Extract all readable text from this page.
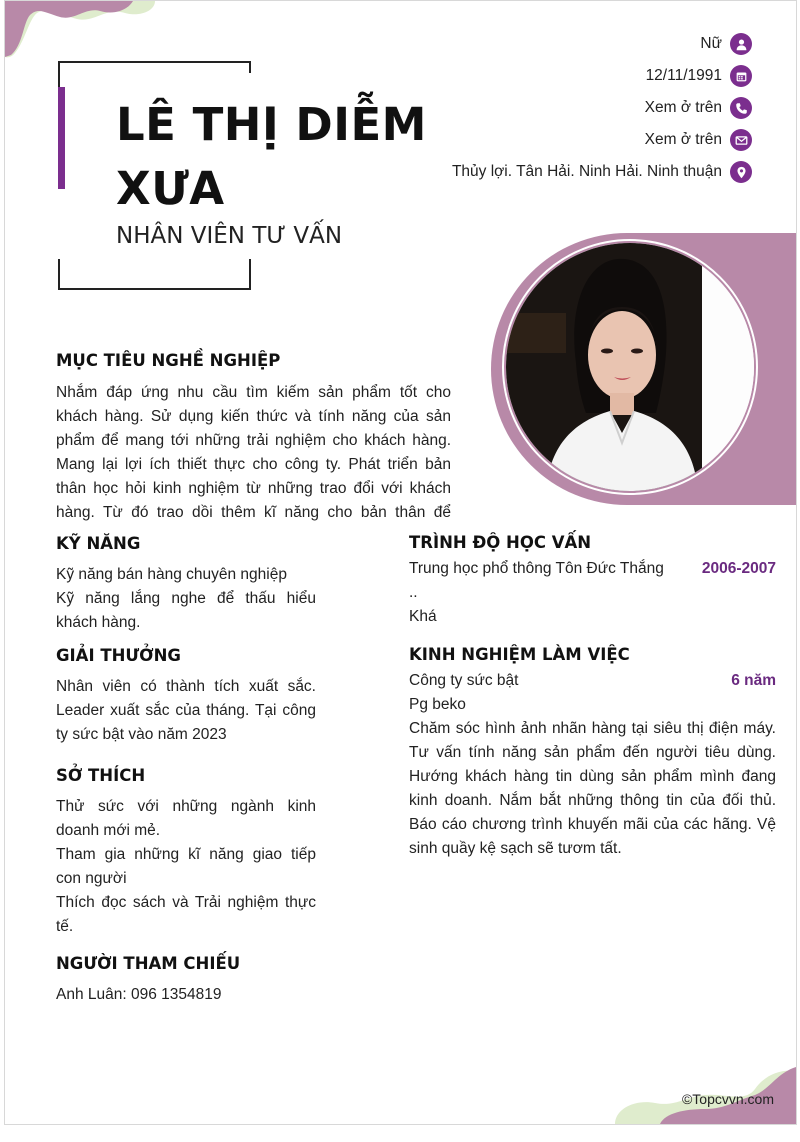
LÊ THỊ DIỄM XƯA
NHÂN VIÊN TƯ VẤN
Nữ
12/11/1991
Xem ở trên
Xem ở trên
Thủy lợi. Tân Hải. Ninh Hải. Ninh thuận
MỤC TIÊU NGHỀ NGHIỆP
Nhắm đáp ứng nhu cầu tìm kiếm sản phẩm tốt cho
khách hàng. Sử dụng kiến thức và tính năng của sản
phẩm để mang tới những trải nghiệm cho khách hàng.
Mang lại lợi ích thiết thực cho công ty. Phát triển bản
thân học hỏi kinh nghiệm từ những trao đổi với khách
hàng. Từ đó trao dồi thêm kĩ năng cho bản thân để
KỸ NĂNG
Kỹ năng bán hàng chuyên nghiệp
Kỹ năng lắng nghe để thấu hiểu
khách hàng.
GIẢI THƯỞNG
Nhân viên có thành tích xuất sắc.
Leader xuất sắc của tháng. Tại công
ty sức bật vào năm 2023
SỞ THÍCH
Thử sức với những ngành kinh
doanh mới mẻ.
Tham gia những kĩ năng giao tiếp
con người
Thích đọc sách và Trải nghiệm thực
tế.
NGƯỜI THAM CHIẾU
Anh Luân: 096 1354819
TRÌNH ĐỘ HỌC VẤN
Trung học phổ thông Tôn Đức Thắng	2006-2007
..
Khá
KINH NGHIỆM LÀM VIỆC
Công ty sức bật	6 năm
Pg beko
Chăm sóc hình ảnh nhãn hàng tại siêu thị điện máy.
Tư vấn tính năng sản phẩm đến người tiêu dùng.
Hướng khách hàng tin dùng sản phẩm mình đang
kinh doanh. Nắm bắt những thông tin của đối thủ.
Báo cáo chương trình khuyến mãi của các hãng. Vệ
sinh quầy kệ sạch sẽ tươm tất.
©Topcvvn.com
